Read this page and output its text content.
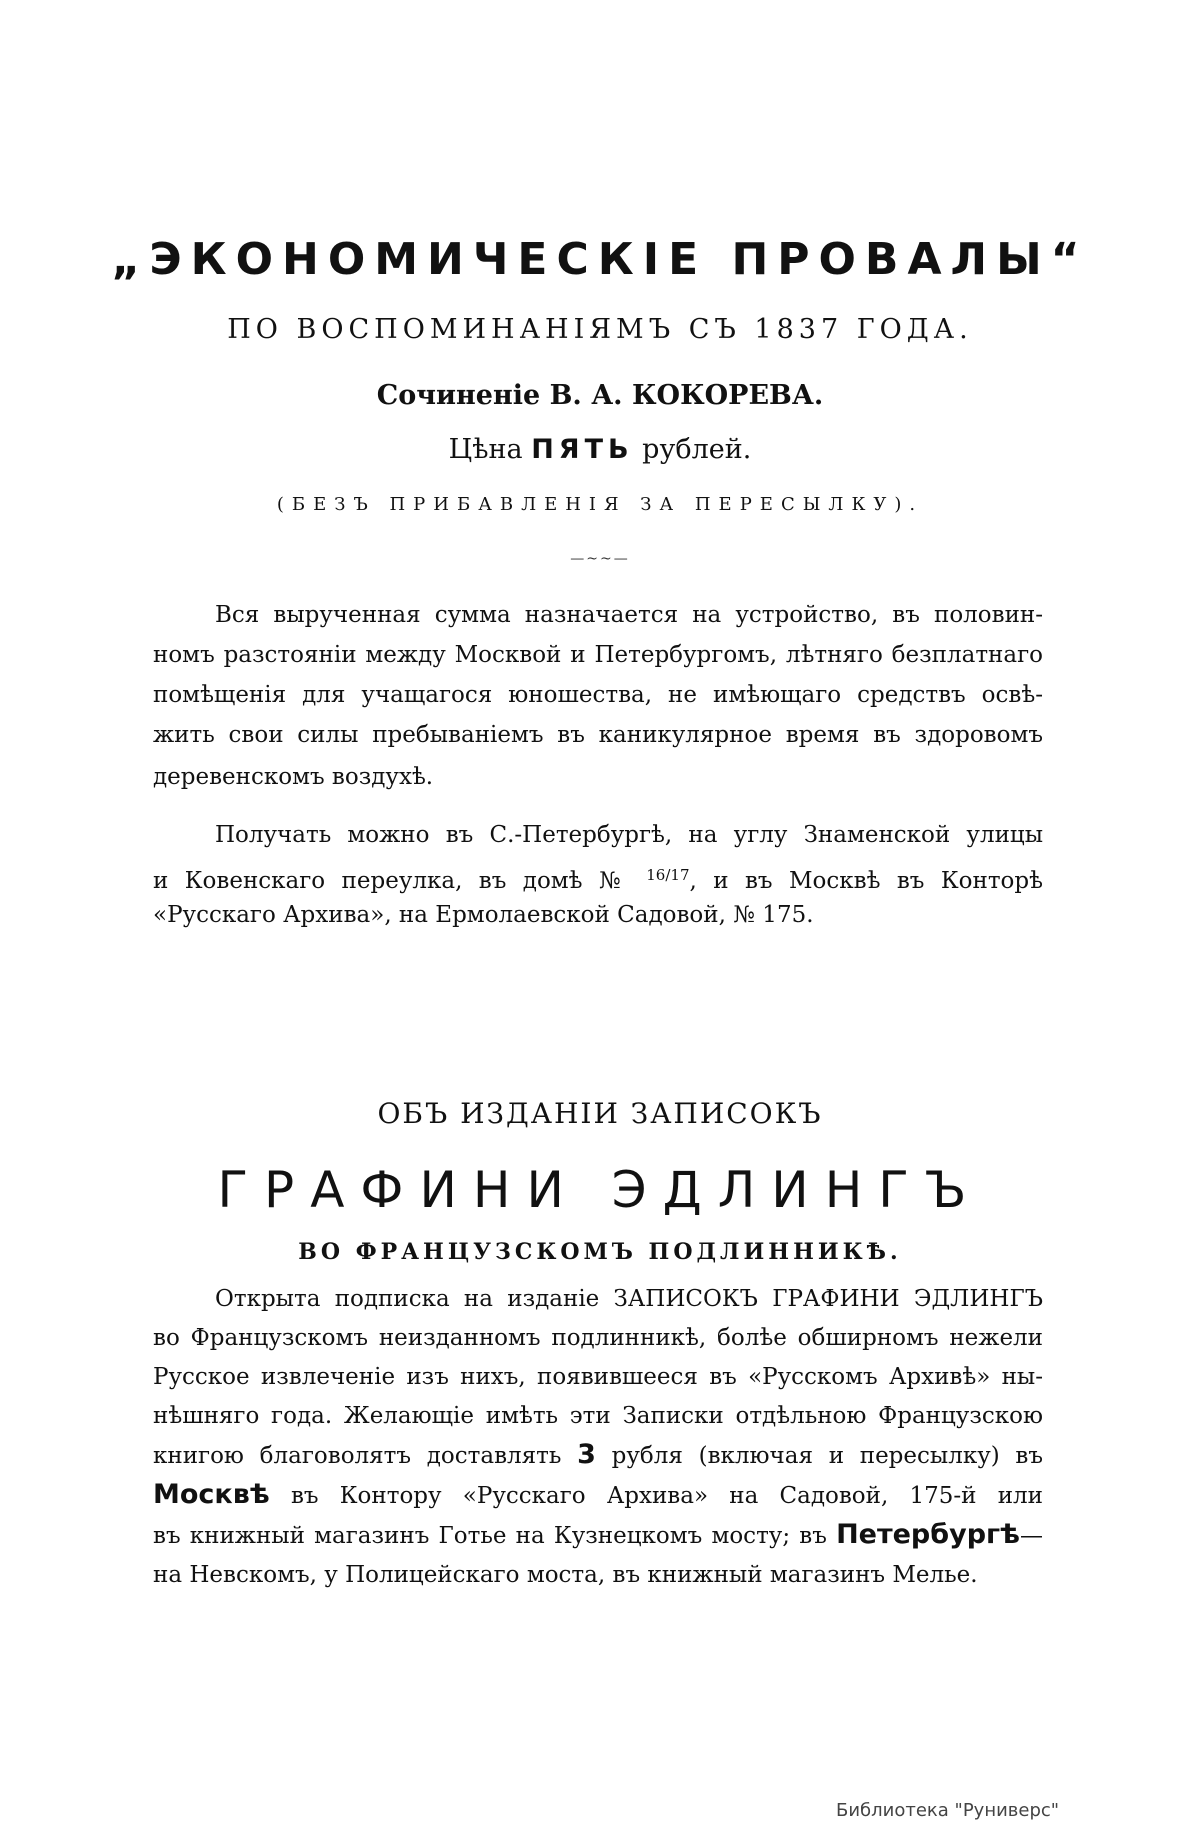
„ЭКОНОМИЧЕСКІЕ ПРОВАЛЫ“
ПО ВОСПОМИНАНІЯМЪ СЪ 1837 ГОДА.
Сочиненіе В. А. КОКОРЕВА.
Цѣна ПЯТЬ рублей.
(БЕЗЪ ПРИБАВЛЕНІЯ ЗА ПЕРЕСЫЛКУ).
—~~—
Вся вырученная сумма назначается на устройство, въ половин-
номъ разстояніи между Москвой и Петербургомъ, лѣтняго безплатнаго
помѣщенія для учащагося юношества, не имѣющаго средствъ освѣ-
жить свои силы пребываніемъ въ каникулярное время въ здоровомъ
деревенскомъ воздухѣ.
Получать можно въ С.-Петербургѣ, на углу Знаменской улицы
и Ковенскаго переулка, въ домѣ № $^{16/17}$, и въ Москвѣ въ Конторѣ
«Русскаго Архива», на Ермолаевской Садовой, № 175.
ОБЪ ИЗДАНІИ ЗАПИСОКЪ
ГРАФИНИ ЭДЛИНГЪ
ВО ФРАНЦУЗСКОМЪ ПОДЛИННИКѢ.
Открыта подписка на изданіе ЗАПИСОКЪ ГРАФИНИ ЭДЛИНГЪ
во Французскомъ неизданномъ подлинникѣ, болѣе обширномъ нежели
Русское извлеченіе изъ нихъ, появившееся въ «Русскомъ Архивѣ» ны-
нѣшняго года. Желающіе имѣть эти Записки отдѣльною Французскою
книгою благоволятъ доставлять 3 рубля (включая и пересылку) въ
Москвѣ въ Контору «Русскаго Архива» на Садовой, 175-й или
въ книжный магазинъ Готье на Кузнецкомъ мосту; въ Петербургѣ—
на Невскомъ, у Полицейскаго моста, въ книжный магазинъ Мелье.
Библиотека "Руниверс"
